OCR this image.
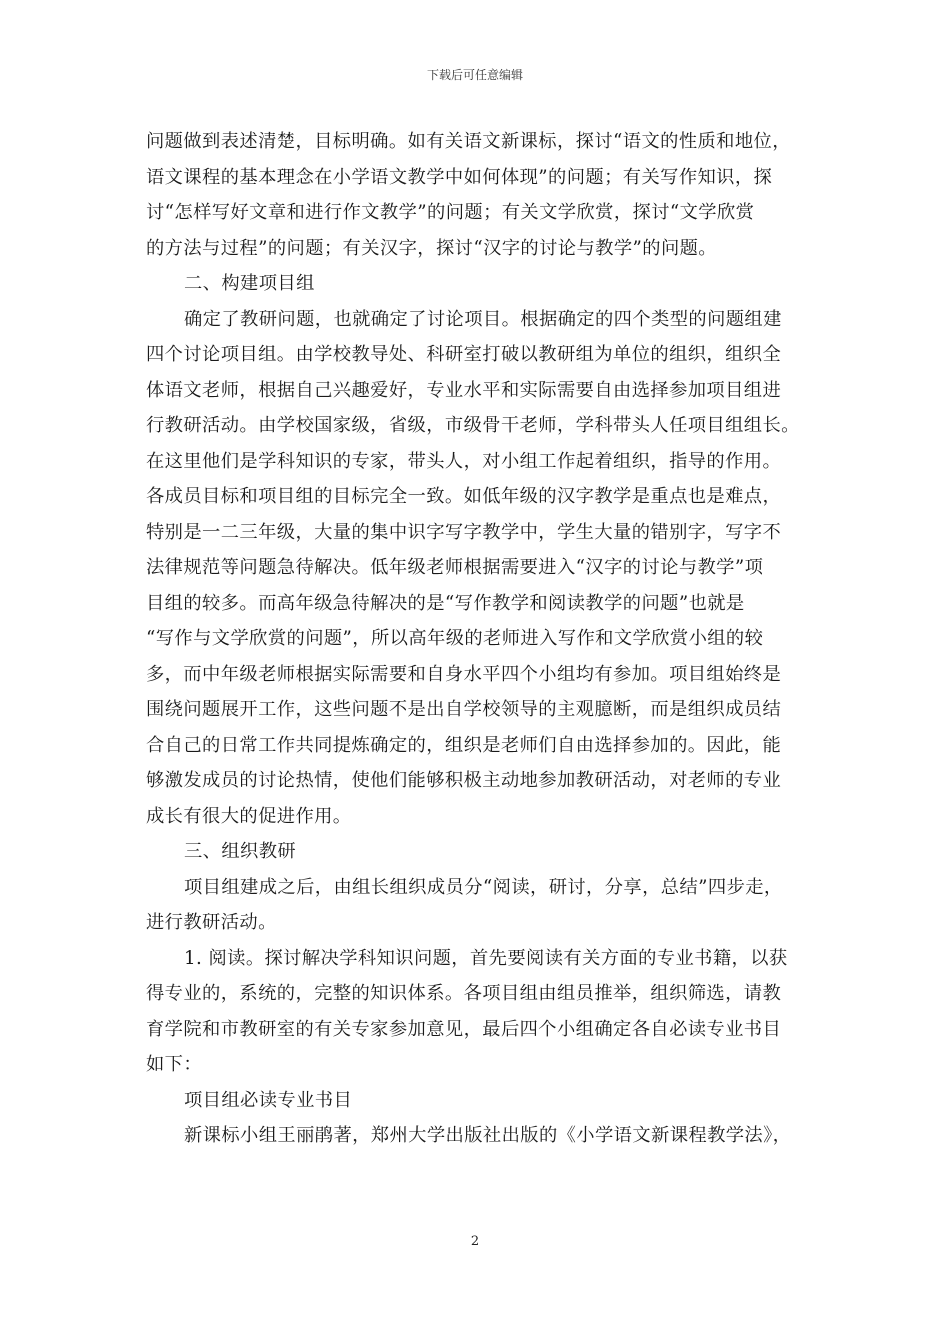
下载后可任意编辑
问题做到表述清楚，目标明确。如有关语文新课标，探讨“语文的性质和地位，
语文课程的基本理念在小学语文教学中如何体现”的问题；有关写作知识，探
讨“怎样写好文章和进行作文教学”的问题；有关文学欣赏，探讨“文学欣赏
的方法与过程”的问题；有关汉字，探讨“汉字的讨论与教学”的问题。
二、构建项目组
确定了教研问题，也就确定了讨论项目。根据确定的四个类型的问题组建
四个讨论项目组。由学校教导处、科研室打破以教研组为单位的组织，组织全
体语文老师，根据自己兴趣爱好，专业水平和实际需要自由选择参加项目组进
行教研活动。由学校国家级，省级，市级骨干老师，学科带头人任项目组组长。
在这里他们是学科知识的专家，带头人，对小组工作起着组织，指导的作用。
各成员目标和项目组的目标完全一致。如低年级的汉字教学是重点也是难点，
特别是一二三年级，大量的集中识字写字教学中，学生大量的错别字，写字不
法律规范等问题急待解决。低年级老师根据需要进入“汉字的讨论与教学”项
目组的较多。而高年级急待解决的是“写作教学和阅读教学的问题”也就是
“写作与文学欣赏的问题”，所以高年级的老师进入写作和文学欣赏小组的较
多，而中年级老师根据实际需要和自身水平四个小组均有参加。项目组始终是
围绕问题展开工作，这些问题不是出自学校领导的主观臆断，而是组织成员结
合自己的日常工作共同提炼确定的，组织是老师们自由选择参加的。因此，能
够激发成员的讨论热情，使他们能够积极主动地参加教研活动，对老师的专业
成长有很大的促进作用。
三、组织教研
项目组建成之后，由组长组织成员分“阅读，研讨，分享，总结”四步走，
进行教研活动。
1. 阅读。探讨解决学科知识问题，首先要阅读有关方面的专业书籍，以获
得专业的，系统的，完整的知识体系。各项目组由组员推举，组织筛选，请教
育学院和市教研室的有关专家参加意见，最后四个小组确定各自必读专业书目
如下：
项目组必读专业书目
新课标小组王丽鹃著，郑州大学出版社出版的《小学语文新课程教学法》，
2
